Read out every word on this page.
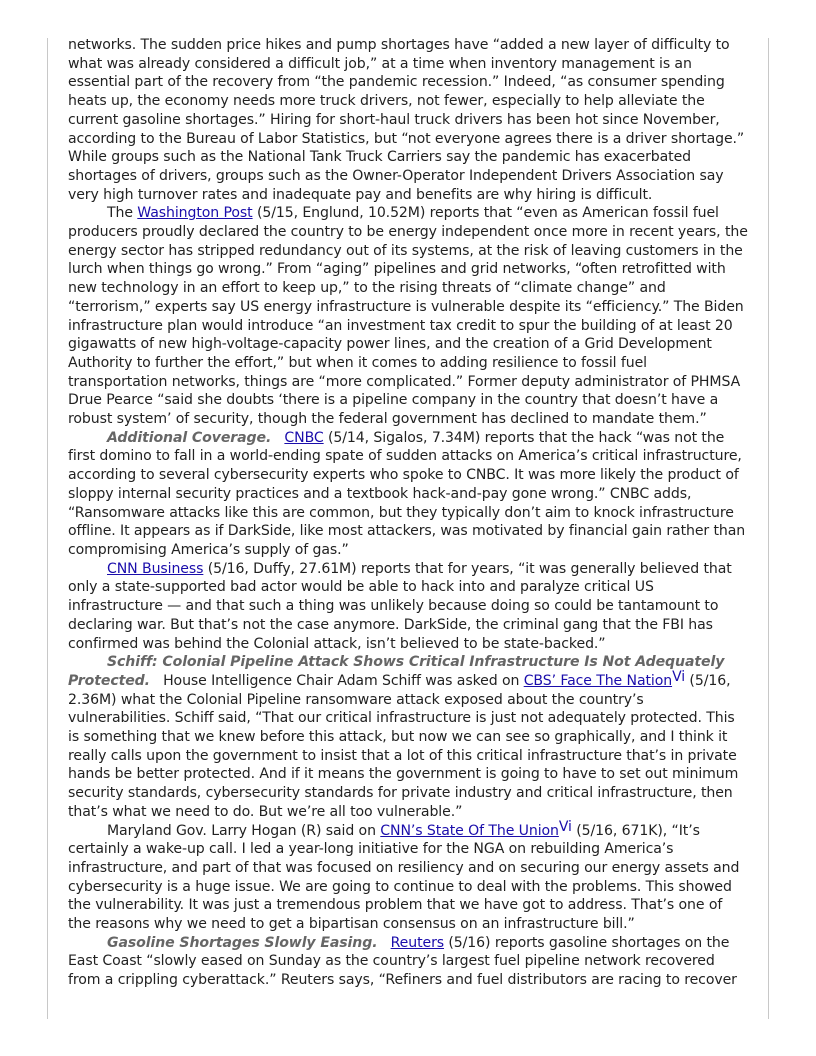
networks. The sudden price hikes and pump shortages have “added a new layer of difficulty to what was already considered a difficult job,” at a time when inventory management is an essential part of the recovery from “the pandemic recession.” Indeed, “as consumer spending heats up, the economy needs more truck drivers, not fewer, especially to help alleviate the current gasoline shortages.” Hiring for short-haul truck drivers has been hot since November, according to the Bureau of Labor Statistics, but “not everyone agrees there is a driver shortage.” While groups such as the National Tank Truck Carriers say the pandemic has exacerbated shortages of drivers, groups such as the Owner-Operator Independent Drivers Association say very high turnover rates and inadequate pay and benefits are why hiring is difficult.

The Washington Post (5/15, Englund, 10.52M) reports that “even as American fossil fuel producers proudly declared the country to be energy independent once more in recent years, the energy sector has stripped redundancy out of its systems, at the risk of leaving customers in the lurch when things go wrong.” From “aging” pipelines and grid networks, “often retrofitted with new technology in an effort to keep up,” to the rising threats of “climate change” and “terrorism,” experts say US energy infrastructure is vulnerable despite its “efficiency.” The Biden infrastructure plan would introduce “an investment tax credit to spur the building of at least 20 gigawatts of new high-voltage-capacity power lines, and the creation of a Grid Development Authority to further the effort,” but when it comes to adding resilience to fossil fuel transportation networks, things are “more complicated.” Former deputy administrator of PHMSA Drue Pearce “said she doubts ‘there is a pipeline company in the country that doesn’t have a robust system’ of security, though the federal government has declined to mandate them.”

Additional Coverage. CNBC (5/14, Sigalos, 7.34M) reports that the hack “was not the first domino to fall in a world-ending spate of sudden attacks on America’s critical infrastructure, according to several cybersecurity experts who spoke to CNBC. It was more likely the product of sloppy internal security practices and a textbook hack-and-pay gone wrong.” CNBC adds, “Ransomware attacks like this are common, but they typically don’t aim to knock infrastructure offline. It appears as if DarkSide, like most attackers, was motivated by financial gain rather than compromising America’s supply of gas.”

CNN Business (5/16, Duffy, 27.61M) reports that for years, “it was generally believed that only a state-supported bad actor would be able to hack into and paralyze critical US infrastructure — and that such a thing was unlikely because doing so could be tantamount to declaring war. But that’s not the case anymore. DarkSide, the criminal gang that the FBI has confirmed was behind the Colonial attack, isn’t believed to be state-backed.”

Schiff: Colonial Pipeline Attack Shows Critical Infrastructure Is Not Adequately Protected. House Intelligence Chair Adam Schiff was asked on CBS’ Face The Nation$^{Vi}$ (5/16, 2.36M) what the Colonial Pipeline ransomware attack exposed about the country’s vulnerabilities. Schiff said, “That our critical infrastructure is just not adequately protected. This is something that we knew before this attack, but now we can see so graphically, and I think it really calls upon the government to insist that a lot of this critical infrastructure that’s in private hands be better protected. And if it means the government is going to have to set out minimum security standards, cybersecurity standards for private industry and critical infrastructure, then that’s what we need to do. But we’re all too vulnerable.”

Maryland Gov. Larry Hogan (R) said on CNN’s State Of The Union$^{Vi}$ (5/16, 671K), “It’s certainly a wake-up call. I led a year-long initiative for the NGA on rebuilding America’s infrastructure, and part of that was focused on resiliency and on securing our energy assets and cybersecurity is a huge issue. We are going to continue to deal with the problems. This showed the vulnerability. It was just a tremendous problem that we have got to address. That’s one of the reasons why we need to get a bipartisan consensus on an infrastructure bill.”

Gasoline Shortages Slowly Easing. Reuters (5/16) reports gasoline shortages on the East Coast “slowly eased on Sunday as the country’s largest fuel pipeline network recovered from a crippling cyberattack.” Reuters says, “Refiners and fuel distributors are racing to recover
